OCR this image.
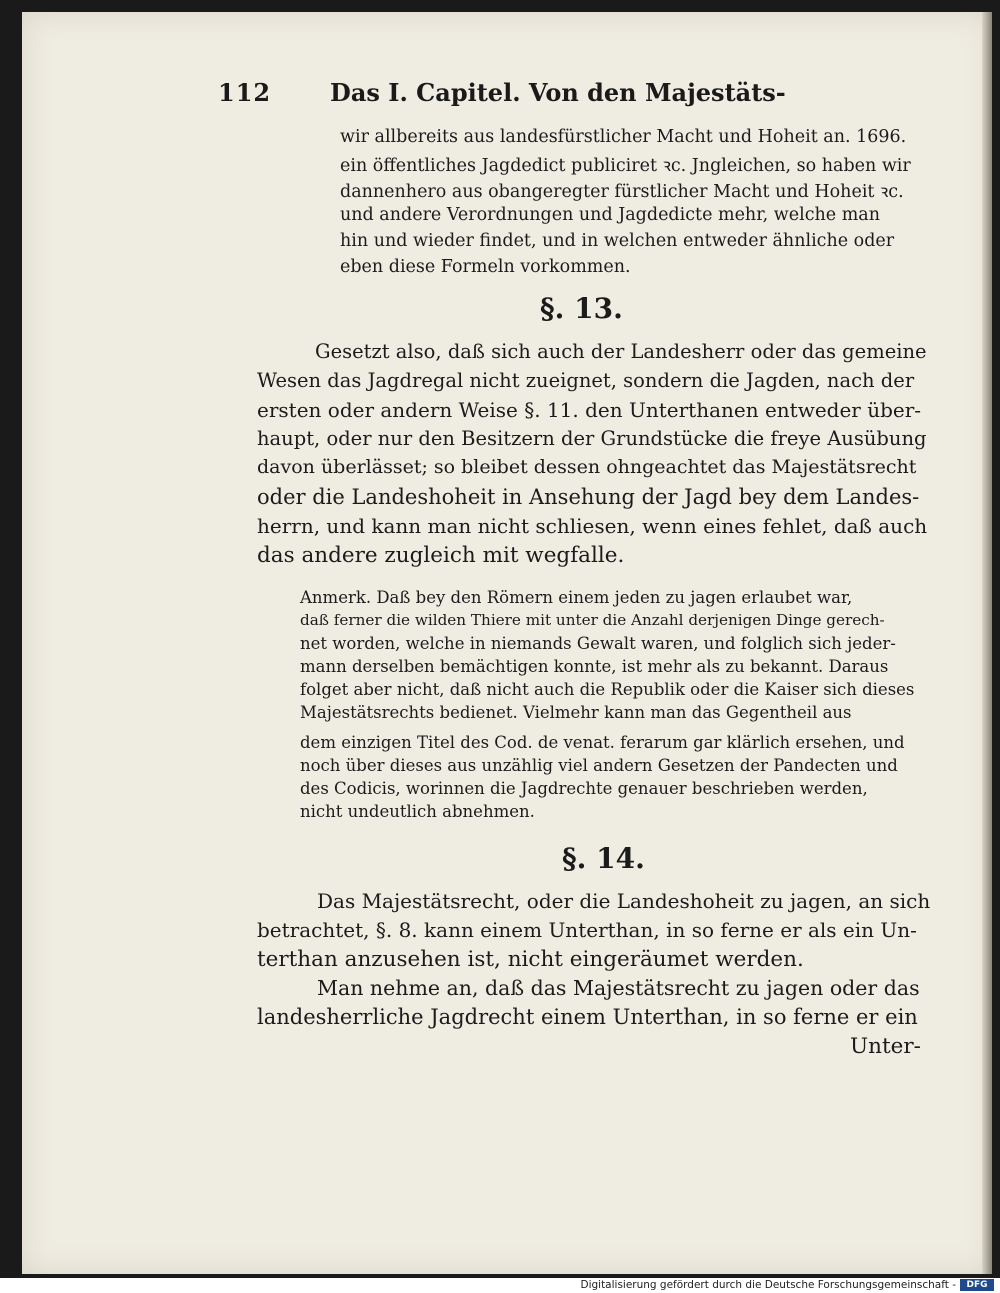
112 Das I. Capitel. Von den Majestäts-
wir allbereits aus landesfürstlicher Macht und Hoheit an. 1696.
ein öffentliches Jagdedict publiciret ꝛc. Jngleichen, so haben wir
dannenhero aus obangeregter fürstlicher Macht und Hoheit ꝛc.
und andere Verordnungen und Jagdedicte mehr, welche man
hin und wieder findet, und in welchen entweder ähnliche oder
eben diese Formeln vorkommen.
§. 13.
Gesetzt also, daß sich auch der Landesherr oder das gemeine
Wesen das Jagdregal nicht zueignet, sondern die Jagden, nach der
ersten oder andern Weise §. 11. den Unterthanen entweder über-
haupt, oder nur den Besitzern der Grundstücke die freye Ausübung
davon überlässet; so bleibet dessen ohngeachtet das Majestätsrecht
oder die Landeshoheit in Ansehung der Jagd bey dem Landes-
herrn, und kann man nicht schliesen, wenn eines fehlet, daß auch
das andere zugleich mit wegfalle.
Anmerk. Daß bey den Römern einem jeden zu jagen erlaubet war,
daß ferner die wilden Thiere mit unter die Anzahl derjenigen Dinge gerech-
net worden, welche in niemands Gewalt waren, und folglich sich jeder-
mann derselben bemächtigen konnte, ist mehr als zu bekannt. Daraus
folget aber nicht, daß nicht auch die Republik oder die Kaiser sich dieses
Majestätsrechts bedienet. Vielmehr kann man das Gegentheil aus
dem einzigen Titel des Cod. de venat. ferarum gar klärlich ersehen, und
noch über dieses aus unzählig viel andern Gesetzen der Pandecten und
des Codicis, worinnen die Jagdrechte genauer beschrieben werden,
nicht undeutlich abnehmen.
§. 14.
Das Majestätsrecht, oder die Landeshoheit zu jagen, an sich
betrachtet, §. 8. kann einem Unterthan, in so ferne er als ein Un-
terthan anzusehen ist, nicht eingeräumet werden.
Man nehme an, daß das Majestätsrecht zu jagen oder das
landesherrliche Jagdrecht einem Unterthan, in so ferne er ein
Unter-
Digitalisierung gefördert durch die Deutsche Forschungsgemeinschaft -	DFG
